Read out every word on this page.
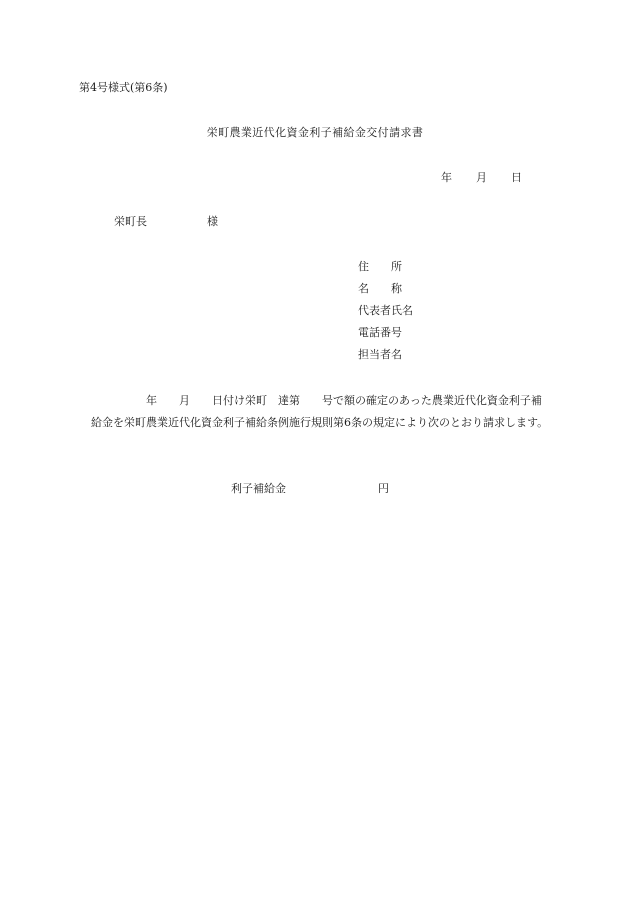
第4号様式(第6条)
栄町農業近代化資金利子補給金交付請求書
年 月 日
栄町長	様
住　　所
名　　称
代表者氏名
電話番号
担当者名
　　　　　年　　月　　日付け栄町　達第　　号で額の確定のあった農業近代化資金利子補給金を栄町農業近代化資金利子補給条例施行規則第6条の規定により次のとおり請求します。
利子補給金	円
